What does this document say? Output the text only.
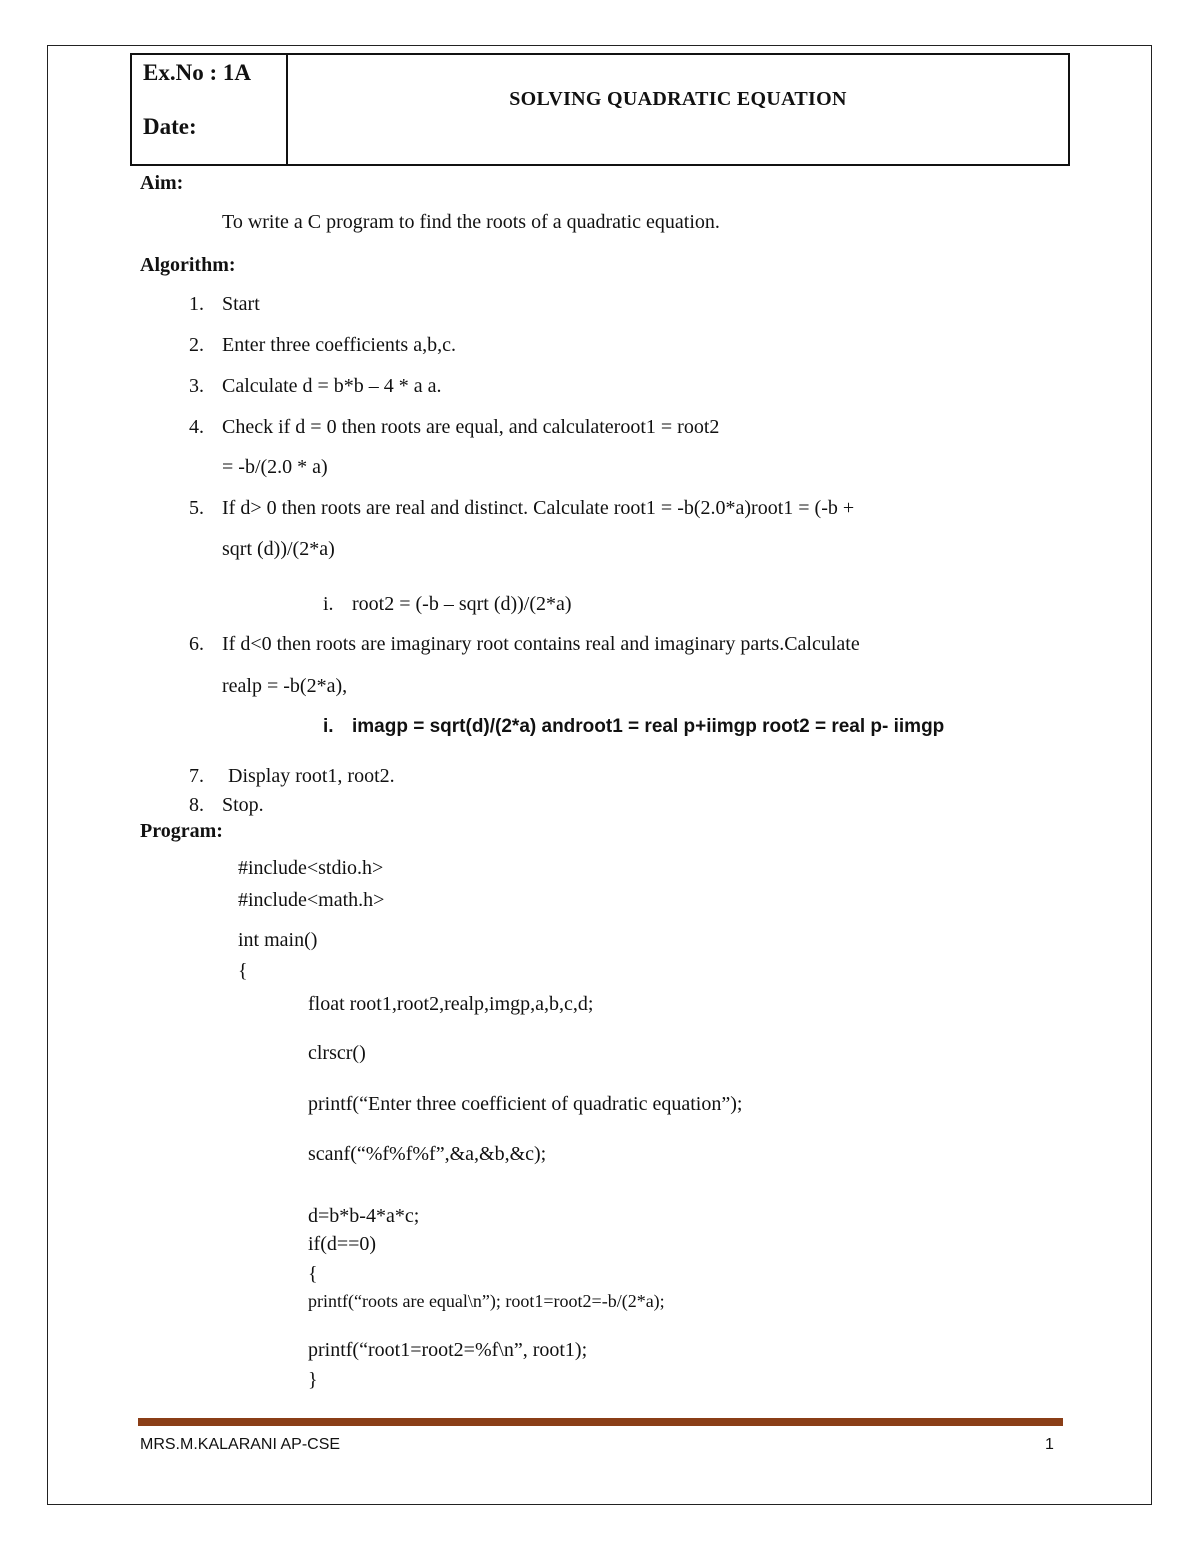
Ex.No : 1A
Date:
SOLVING QUADRATIC EQUATION
Aim:
To write a C program to find the roots of a quadratic equation.
Algorithm:
1. Start
2. Enter three coefficients a,b,c.
3. Calculate d = b*b – 4 * a a.
4. Check if d = 0 then roots are equal, and calculateroot1 = root2
= -b/(2.0 * a)
5. If d> 0 then roots are real and distinct. Calculate root1 = -b(2.0*a)root1 = (-b +
sqrt (d))/(2*a)
i. root2 = (-b – sqrt (d))/(2*a)
6. If d<0 then roots are imaginary root contains real and imaginary parts.Calculate
realp = -b(2*a),
i. imagp = sqrt(d)/(2*a) androot1 = real p+iimgp root2 = real p- iimgp
7. Display root1, root2.
8. Stop.
Program:
#include<stdio.h>
#include<math.h>
int main()
{
float root1,root2,realp,imgp,a,b,c,d;
clrscr()
printf(“Enter three coefficient of quadratic equation”);
scanf(“%f%f%f”,&a,&b,&c);
d=b*b-4*a*c;
if(d==0)
{
printf(“roots are equal\n”); root1=root2=-b/(2*a);
printf(“root1=root2=%f\n”, root1);
}
MRS.M.KALARANI AP-CSE	1
